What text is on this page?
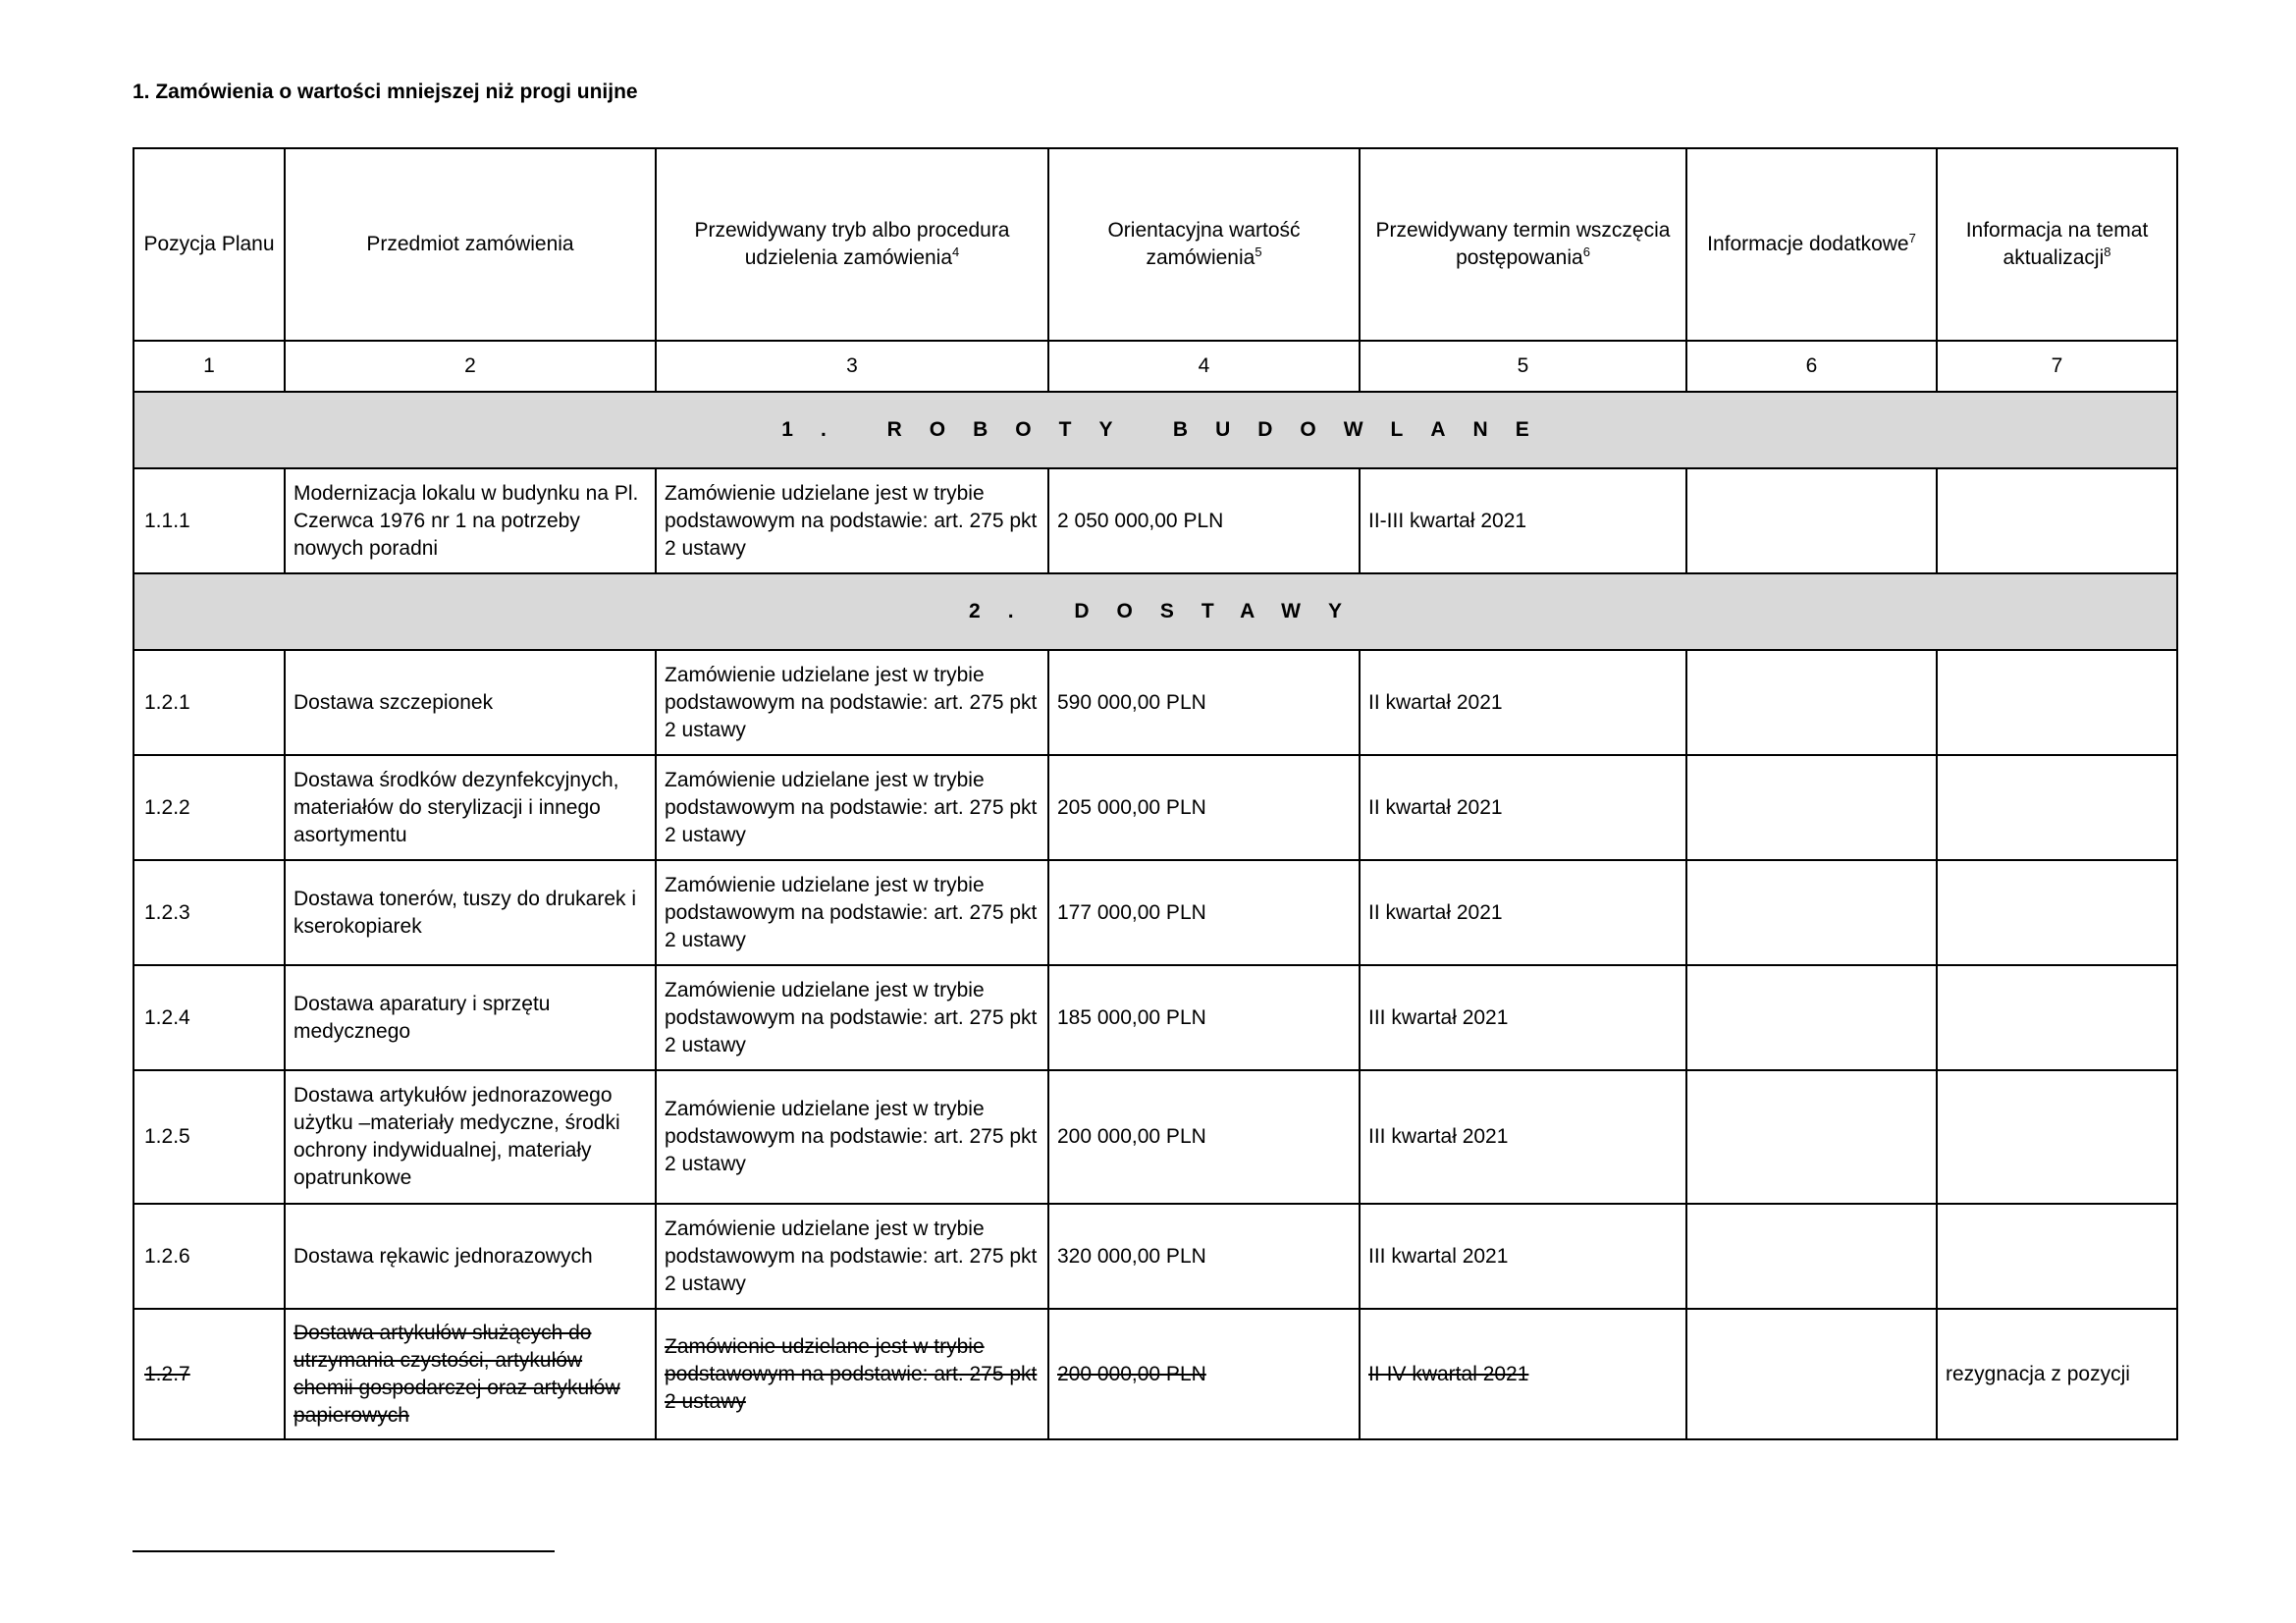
1. Zamówienia o wartości mniejszej niż progi unijne
Pozycja Planu	Przedmiot zamówienia	Przewidywany tryb albo procedura udzielenia zamówienia$^4$	Orientacyjna wartość zamówienia$^5$	Przewidywany termin wszczęcia postępowania$^6$	Informacje dodatkowe$^7$	Informacja na temat aktualizacji$^8$
1	2	3	4	5	6	7
1. ROBOTY BUDOWLANE						
1.1.1	Modernizacja lokalu w budynku na Pl. Czerwca 1976 nr 1 na potrzeby nowych poradni	Zamówienie udzielane jest w trybie podstawowym na podstawie: art. 275 pkt 2 ustawy	2 050 000,00 PLN	II-III kwartał 2021		
2. DOSTAWY						
1.2.1	Dostawa szczepionek	Zamówienie udzielane jest w trybie podstawowym na podstawie: art. 275 pkt 2 ustawy	590 000,00 PLN	II kwartał 2021		
1.2.2	Dostawa środków dezynfekcyjnych, materiałów do sterylizacji i innego asortymentu	Zamówienie udzielane jest w trybie podstawowym na podstawie: art. 275 pkt 2 ustawy	205 000,00 PLN	II kwartał 2021		
1.2.3	Dostawa tonerów, tuszy do drukarek i kserokopiarek	Zamówienie udzielane jest w trybie podstawowym na podstawie: art. 275 pkt 2 ustawy	177 000,00 PLN	II kwartał 2021		
1.2.4	Dostawa aparatury i sprzętu medycznego	Zamówienie udzielane jest w trybie podstawowym na podstawie: art. 275 pkt 2 ustawy	185 000,00 PLN	III kwartał 2021		
1.2.5	Dostawa artykułów jednorazowego użytku –materiały medyczne, środki ochrony indywidualnej, materiały opatrunkowe	Zamówienie udzielane jest w trybie podstawowym na podstawie: art. 275 pkt 2 ustawy	200 000,00 PLN	III kwartał 2021		
1.2.6	Dostawa rękawic jednorazowych	Zamówienie udzielane jest w trybie podstawowym na podstawie: art. 275 pkt 2 ustawy	320 000,00 PLN	III kwartal 2021		
1.2.7	Dostawa artykułów służących do utrzymania czystości, artykułów chemii gospodarczej oraz artykułów papierowych	Zamówienie udzielane jest w trybie podstawowym na podstawie: art. 275 pkt 2 ustawy	200 000,00 PLN	II-IV kwartal 2021		rezygnacja z pozycji
